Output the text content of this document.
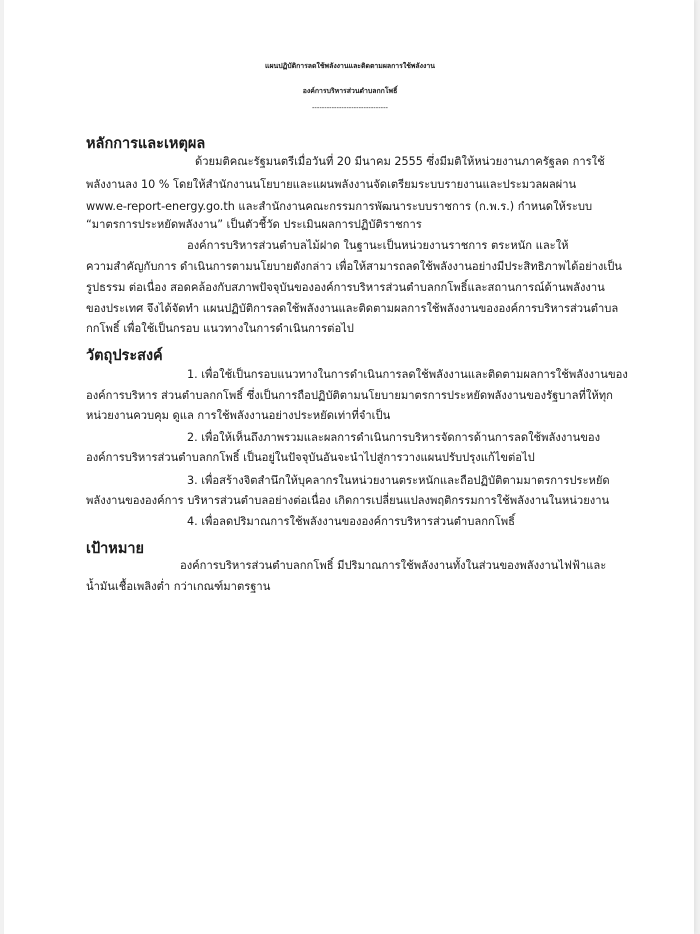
แผนปฏิบัติการลดใช้พลังงานและติดตามผลการใช้พลังงาน
องค์การบริหารส่วนตำบลกกโพธิ์
-------------------------------
หลักการและเหตุผล
ด้วยมติคณะรัฐมนตรีเมื่อวันที่ 20 มีนาคม 2555 ซึ่งมีมติให้หน่วยงานภาครัฐลด การใช้
พลังงานลง 10 % โดยให้สำนักงานนโยบายและแผนพลังงานจัดเตรียมระบบรายงานและประมวลผลผ่าน
www.e-report-energy.go.th และสำนักงานคณะกรรมการพัฒนาระบบราชการ (ก.พ.ร.) กำหนดให้ระบบ
“มาตรการประหยัดพลังงาน” เป็นตัวชี้วัด ประเมินผลการปฏิบัติราชการ
องค์การบริหารส่วนตำบลไม้ฝาด ในฐานะเป็นหน่วยงานราชการ ตระหนัก และให้
ความสำคัญกับการ ดำเนินการตามนโยบายดังกล่าว เพื่อให้สามารถลดใช้พลังงานอย่างมีประสิทธิภาพได้อย่างเป็น
รูปธรรม ต่อเนื่อง สอดคล้องกับสภาพปัจจุบันขององค์การบริหารส่วนตำบลกกโพธิ์และสถานการณ์ด้านพลังงาน
ของประเทศ จึงได้จัดทำ แผนปฏิบัติการลดใช้พลังงานและติดตามผลการใช้พลังงานขององค์การบริหารส่วนตำบล
กกโพธิ์ เพื่อใช้เป็นกรอบ แนวทางในการดำเนินการต่อไป
วัตถุประสงค์
1. เพื่อใช้เป็นกรอบแนวทางในการดำเนินการลดใช้พลังงานและติดตามผลการใช้พลังงานของ
องค์การบริหาร ส่วนตำบลกกโพธิ์ ซึ่งเป็นการถือปฏิบัติตามนโยบายมาตรการประหยัดพลังงานของรัฐบาลที่ให้ทุก
หน่วยงานควบคุม ดูแล การใช้พลังงานอย่างประหยัดเท่าที่จำเป็น
2. เพื่อให้เห็นถึงภาพรวมและผลการดำเนินการบริหารจัดการด้านการลดใช้พลังงานของ
องค์การบริหารส่วนตำบลกกโพธิ์ เป็นอยู่ในปัจจุบันอันจะนำไปสู่การวางแผนปรับปรุงแก้ไขต่อไป
3. เพื่อสร้างจิตสำนึกให้บุคลากรในหน่วยงานตระหนักและถือปฏิบัติตามมาตรการประหยัด
พลังงานขององค์การ บริหารส่วนตำบลอย่างต่อเนื่อง เกิดการเปลี่ยนแปลงพฤติกรรมการใช้พลังงานในหน่วยงาน
4. เพื่อลดปริมาณการใช้พลังงานขององค์การบริหารส่วนตำบลกกโพธิ์
เป้าหมาย
องค์การบริหารส่วนตำบลกกโพธิ์ มีปริมาณการใช้พลังงานทั้งในส่วนของพลังงานไฟฟ้าและ
น้ำมันเชื้อเพลิงต่ำ กว่าเกณฑ์มาตรฐาน
